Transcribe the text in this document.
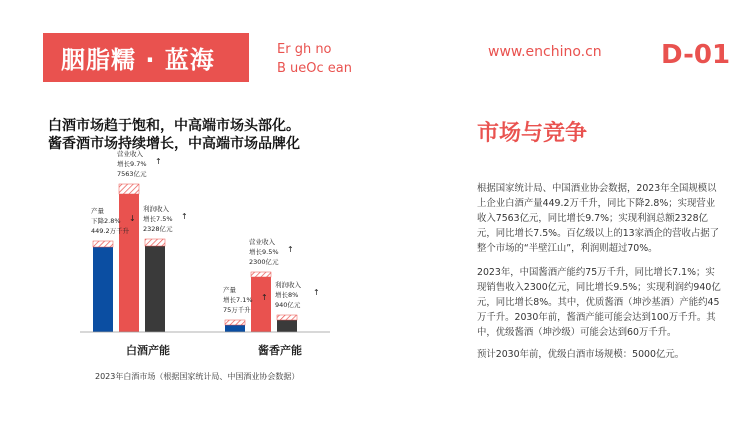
胭脂糯 · 蓝海	Er gh no
B ueOc ean
www.enchino.cn D-01
白酒市场趋于饱和，中高端市场头部化。
酱香酒市场持续增长，中高端市场品牌化
产量
下降2.8%
449.2万千升
↓
营业收入
增长9.7%
7563亿元
↑
利润收入
增长7.5%
2328亿元
↑
产量
增长7.1%
75万千升
↑
营业收入
增长9.5%
2300亿元
↑
利润收入
增长8%
940亿元
↑
白酒产能	酱香产能
2023年白酒市场（根据国家统计局、中国酒业协会数据）
市场与竞争
根据国家统计局、中国酒业协会数据，2023年全国规模以上企业白酒产量449.2万千升，同比下降2.8%；实现营业收入7563亿元，同比增长9.7%；实现利润总额2328亿元，同比增长7.5%。百亿级以上的13家酒企的营收占据了整个市场的“半壁江山”，利润则超过70%。
2023年，中国酱酒产能约75万千升，同比增长7.1%；实现销售收入2300亿元，同比增长9.5%；实现利润约940亿元，同比增长8%。其中，优质酱酒（坤沙基酒）产能约45万千升。2030年前，酱酒产能可能会达到100万千升。其中，优级酱酒（坤沙级）可能会达到60万千升。
预计2030年前，优级白酒市场规模：5000亿元。
